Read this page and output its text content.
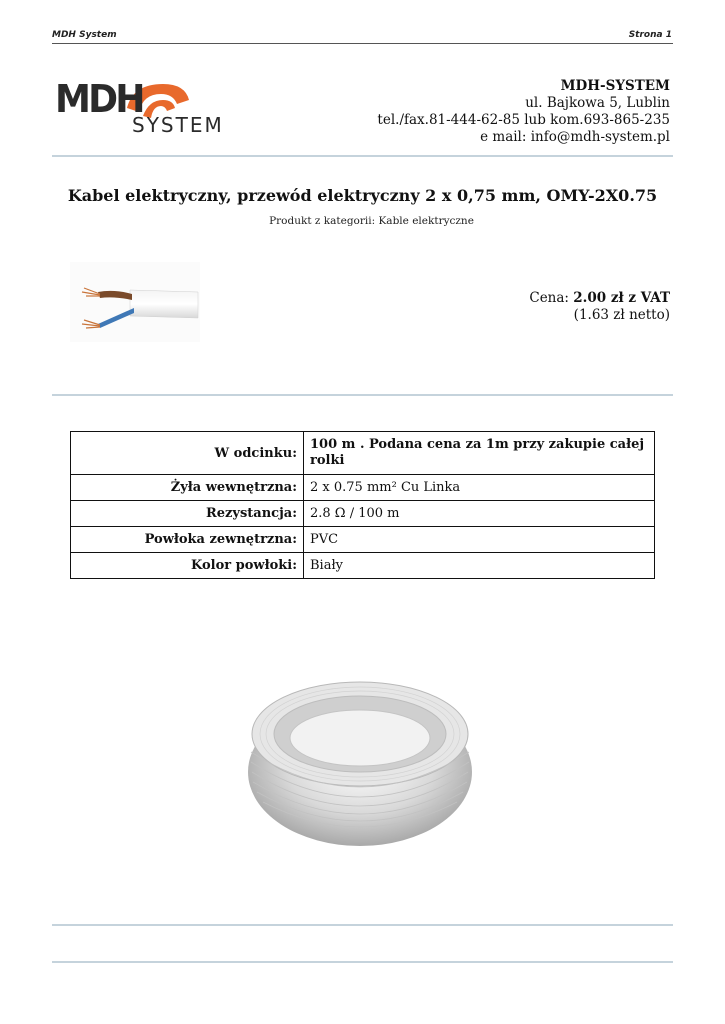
MDH System	Strona 1
MDH
SYSTEM
MDH-SYSTEM
ul. Bajkowa 5, Lublin
tel./fax.81-444-62-85 lub kom.693-865-235
e mail: info@mdh-system.pl
Kabel elektryczny, przewód elektryczny 2 x 0,75 mm, OMY-2X0.75
Produkt z kategorii: Kable elektryczne
Cena: 2.00 zł z VAT
(1.63 zł netto)
W odcinku:	100 m . Podana cena za 1m przy zakupie całej rolki
Żyła wewnętrzna:	2 x 0.75 mm² Cu Linka
Rezystancja:	2.8 Ω / 100 m
Powłoka zewnętrzna:	PVC
Kolor powłoki:	Biały
